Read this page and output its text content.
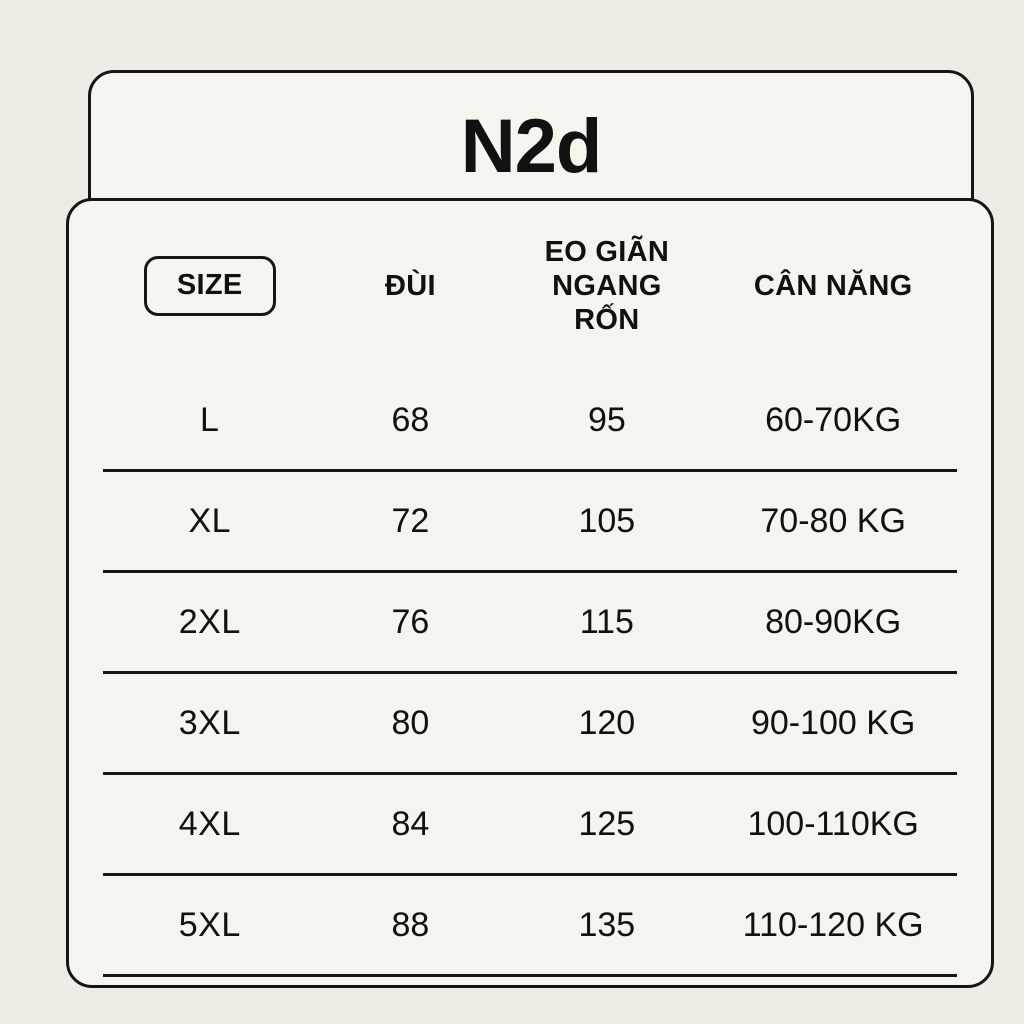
N2d
SIZE	ĐÙI	EO GIÃN
NGANG
RỐN	CÂN NĂNG
L	68	95	60-70KG
XL	72	105	70-80 KG
2XL	76	115	80-90KG
3XL	80	120	90-100 KG
4XL	84	125	100-110KG
5XL	88	135	110-120 KG
